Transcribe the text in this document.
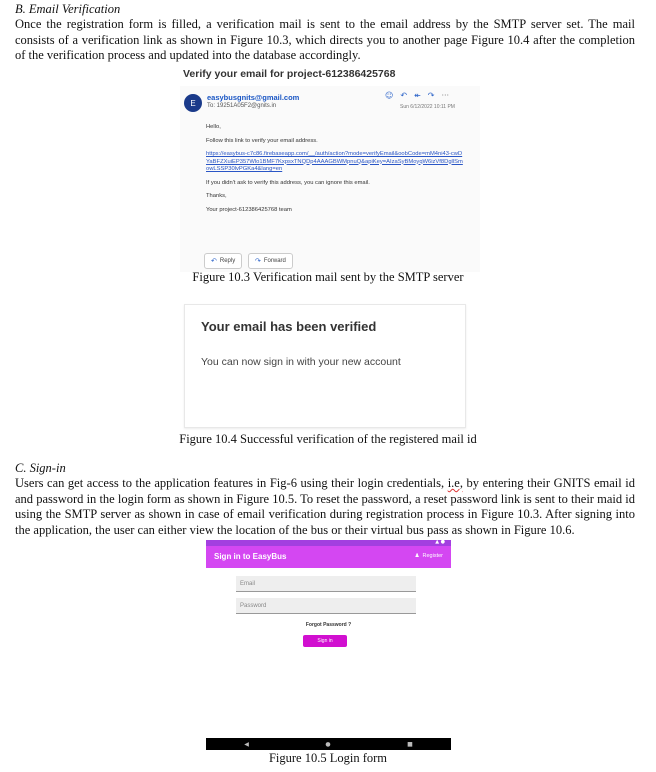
B. Email Verification

Once the registration form is filled, a verification mail is sent to the email address by the SMTP server set. The mail consists of a verification link as shown in Figure 10.3, which directs you to another page Figure 10.4 after the completion of the verification process and updated into the database accordingly.

Verify your email for project-612386425768
E
easybusgnits@gmail.com
To: 19251A05F2@gnits.in
☺ ↶ ↞ ↷ ···
Sun 6/12/2022 10:11 PM

Hello,

Follow this link to verify your email address.

https://easybus-c7c86.firebaseapp.com/__/auth/action?mode=verifyEmail&oobCode=mM4ni43-cwDYaBFZXuiEP357Wlo1BMF7KxpsxTNQDp4AAAGBWMpnuQ&apiKey=AIzaSyBMoyqW6izVf8DgllSmowLSSP30lvPGKa4&lang=en

If you didn't ask to verify this address, you can ignore this email.

Thanks,

Your project-612386425768 team

↶ Reply	↷ Forward
Figure 10.3 Verification mail sent by the SMTP server
Your email has been verified
You can now sign in with your new account
Figure 10.4 Successful verification of the registered mail id
C. Sign-in

Users can get access to the application features in Fig-6 using their login credentials, i.e, by entering their GNITS email id and password in the login form as shown in Figure 10.5. To reset the password, a reset password link is sent to their maid id using the SMTP server as shown in case of email verification during registration process in Figure 10.3. After signing into the application, the user can either view the location of the bus or their virtual bus pass as shown in Figure 10.6.

▲ ●
Sign in to EasyBus	♟ Register
Email
Password
Forgot Password ?
Sign in
◀	●	■
Figure 10.5 Login form
